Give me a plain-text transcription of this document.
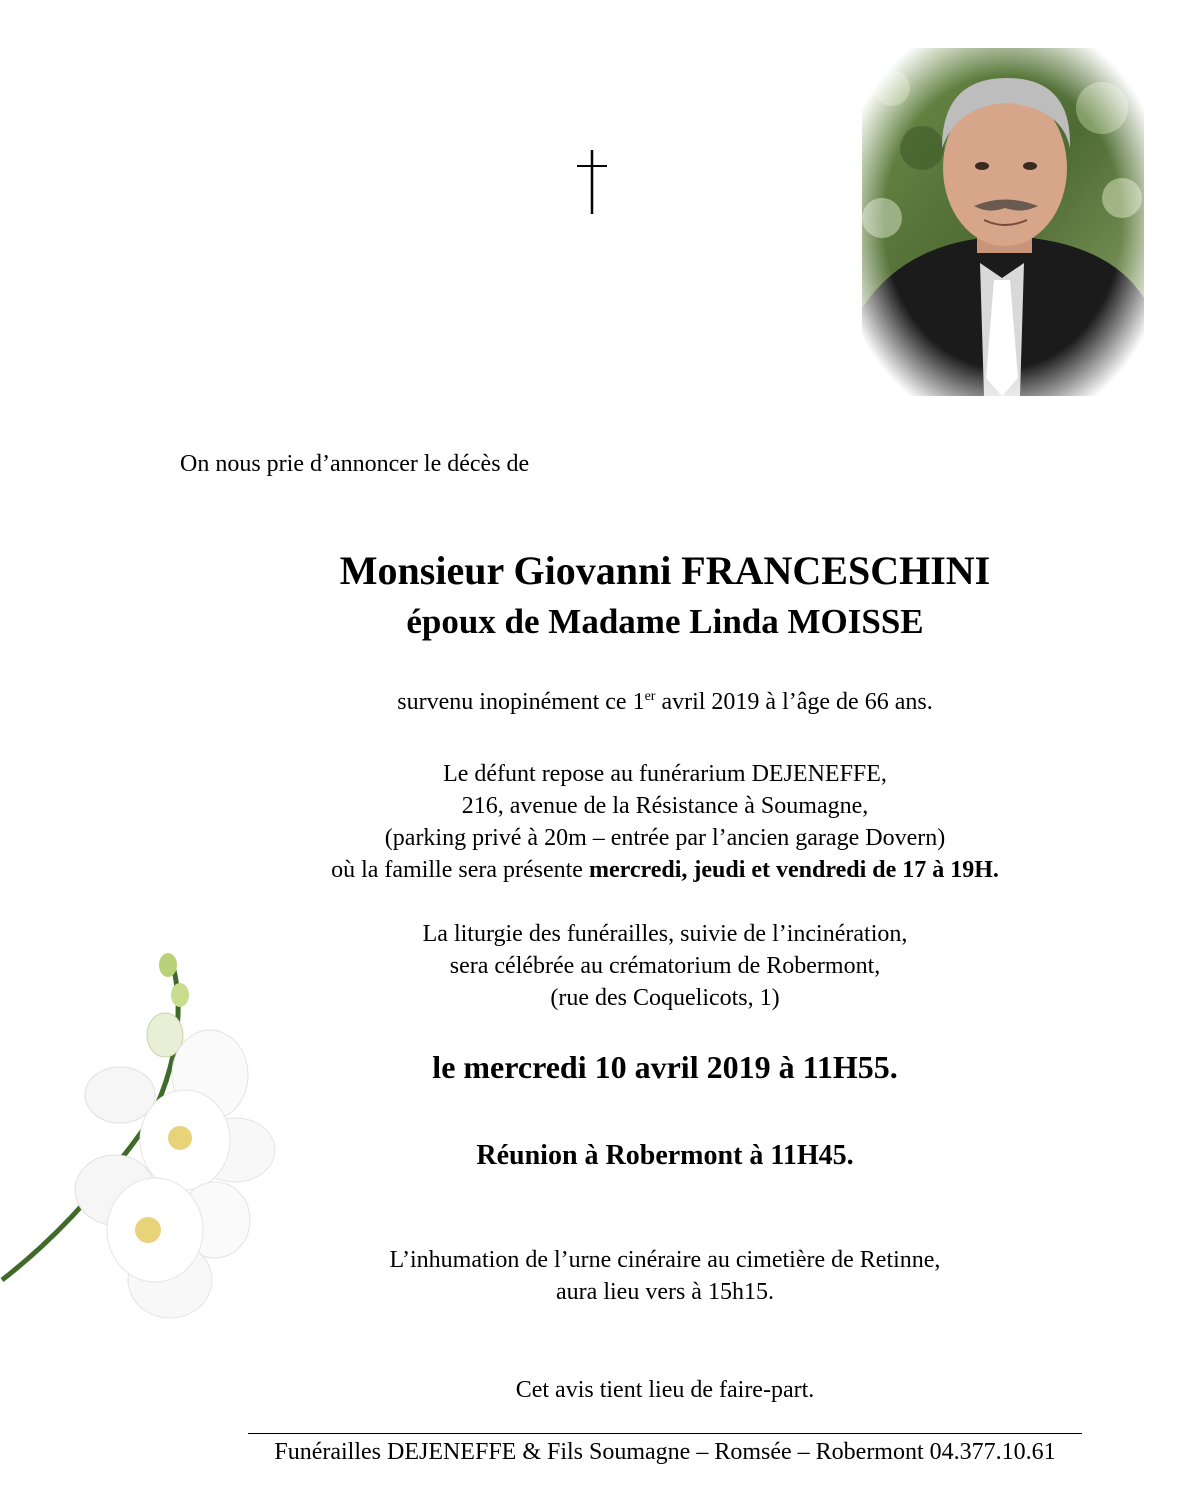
On nous prie d’annoncer le décès de
Monsieur Giovanni FRANCESCHINI
époux de Madame Linda MOISSE
survenu inopinément ce 1er avril 2019 à l’âge de 66 ans.
Le défunt repose au funérarium DEJENEFFE,
216, avenue de la Résistance à Soumagne,
(parking privé à 20m – entrée par l’ancien garage Dovern)
où la famille sera présente mercredi, jeudi et vendredi de 17 à 19H.
La liturgie des funérailles, suivie de l’incinération,
sera célébrée au crématorium de Robermont,
(rue des Coquelicots, 1)
le mercredi 10 avril 2019 à 11H55.
Réunion à Robermont à 11H45.
L’inhumation de l’urne cinéraire au cimetière de Retinne,
aura lieu vers à 15h15.
Cet avis tient lieu de faire-part.
Funérailles DEJENEFFE & Fils Soumagne – Romsée – Robermont 04.377.10.61
